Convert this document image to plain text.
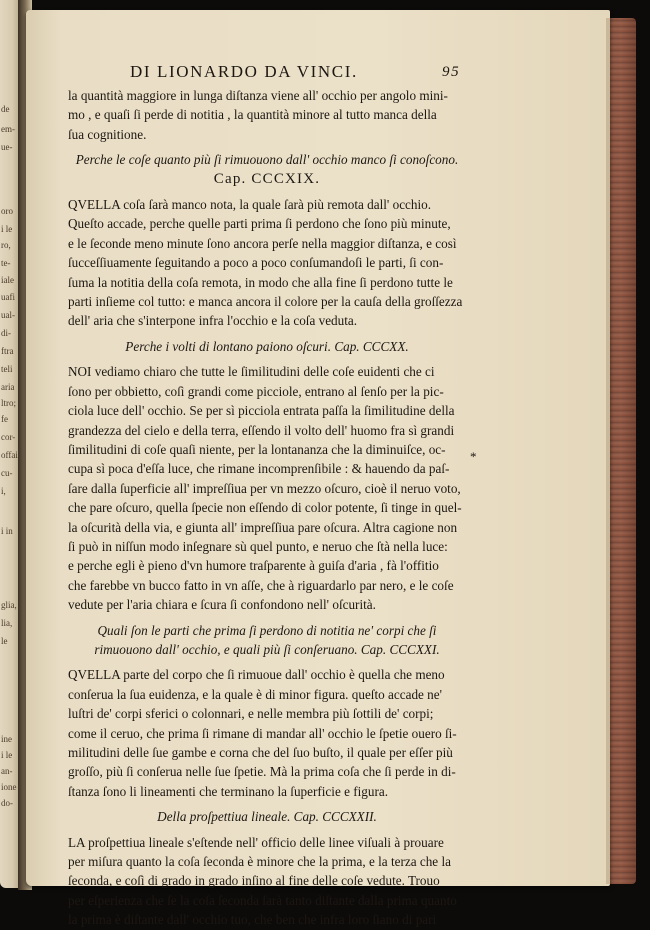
de
em-
ue-
oro
i le
ro,
te-
iale
uafi
ual-
di-
ftra
teli
aria
ltro;
fe
cor-
offai
cu-
i,
i in
glia,
lia,
le
ine
i le
an-
ione
do-
DI LIONARDO DA VINCI.	95
la quantità maggiore in lunga diſtanza viene all' occhio per angolo mini-
mo , e quaſi ſi perde di notitia , la quantità minore al tutto manca della
ſua cognitione.

Perche le coſe quanto più ſi rimuouono dall' occhio manco ſi conoſcono.

Cap. CCCXIX.

QVELLA coſa ſarà manco nota, la quale ſarà più remota dall' occhio.
Queſto accade, perche quelle parti prima ſi perdono che ſono più minute,
e le ſeconde meno minute ſono ancora perſe nella maggior diſtanza, e così
ſucceſſiuamente ſeguitando a poco a poco conſumandoſi le parti, ſi con-
ſuma la notitia della coſa remota, in modo che alla fine ſi perdono tutte le
parti inſieme col tutto: e manca ancora il colore per la cauſa della groſſezza
dell' aria che s'interpone infra l'occhio e la coſa veduta.

Perche i volti di lontano paiono oſcuri. Cap. CCCXX.

NOI vediamo chiaro che tutte le ſimilitudini delle coſe euidenti che ci
ſono per obbietto, coſì grandi come picciole, entrano al ſenſo per la pic-
ciola luce dell' occhio. Se per sì picciola entrata paſſa la ſimilitudine della
grandezza del cielo e della terra, eſſendo il volto dell' huomo fra sì grandi
ſimilitudini di coſe quaſi niente, per la lontananza che la diminuiſce, oc-
cupa sì poca d'eſſa luce, che rimane incomprenſibile : & hauendo da paſ-
ſare dalla ſuperficie all' impreſſiua per vn mezzo oſcuro, cioè il neruo voto,
che pare oſcuro, quella ſpecie non eſſendo di color potente, ſi tinge in quel-
la oſcurità della via, e giunta all' impreſſiua pare oſcura. Altra cagione non
ſi può in niſſun modo inſegnare sù quel punto, e neruo che ſtà nella luce:
e perche egli è pieno d'vn humore traſparente à guiſa d'aria , fà l'offitio
che farebbe vn bucco fatto in vn aſſe, che à riguardarlo par nero, e le coſe
vedute per l'aria chiara e ſcura ſi confondono nell' oſcurità.

Quali ſon le parti che prima ſi perdono di notitia ne' corpi che ſi rimuouono dall' occhio, e quali più ſi conſeruano. Cap. CCCXXI.

QVELLA parte del corpo che ſi rimuoue dall' occhio è quella che meno
conſerua la ſua euidenza, e la quale è di minor figura. queſto accade ne'
luſtri de' corpi sferici o colonnari, e nelle membra più ſottili de' corpi;
come il ceruo, che prima ſi rimane di mandar all' occhio le ſpetie ouero ſi-
militudini delle ſue gambe e corna che del ſuo buſto, il quale per eſſer più
groſſo, più ſi conſerua nelle ſue ſpetie. Mà la prima coſa che ſi perde in di-
ſtanza ſono li lineamenti che terminano la ſuperficie e figura.

Della proſpettiua lineale. Cap. CCCXXII.

LA proſpettiua lineale s'eſtende nell' officio delle linee viſuali à prouare
per miſura quanto la coſa ſeconda è minore che la prima, e la terza che la
ſeconda, e coſì di grado in grado inſino al fine delle coſe vedute. Trouo
per eſperienza che ſe la coſa ſeconda ſarà tanto diſtante dalla prima quanto
la prima è diſtante dall' occhio tuo, che ben che infra loro ſiano di pari
*
